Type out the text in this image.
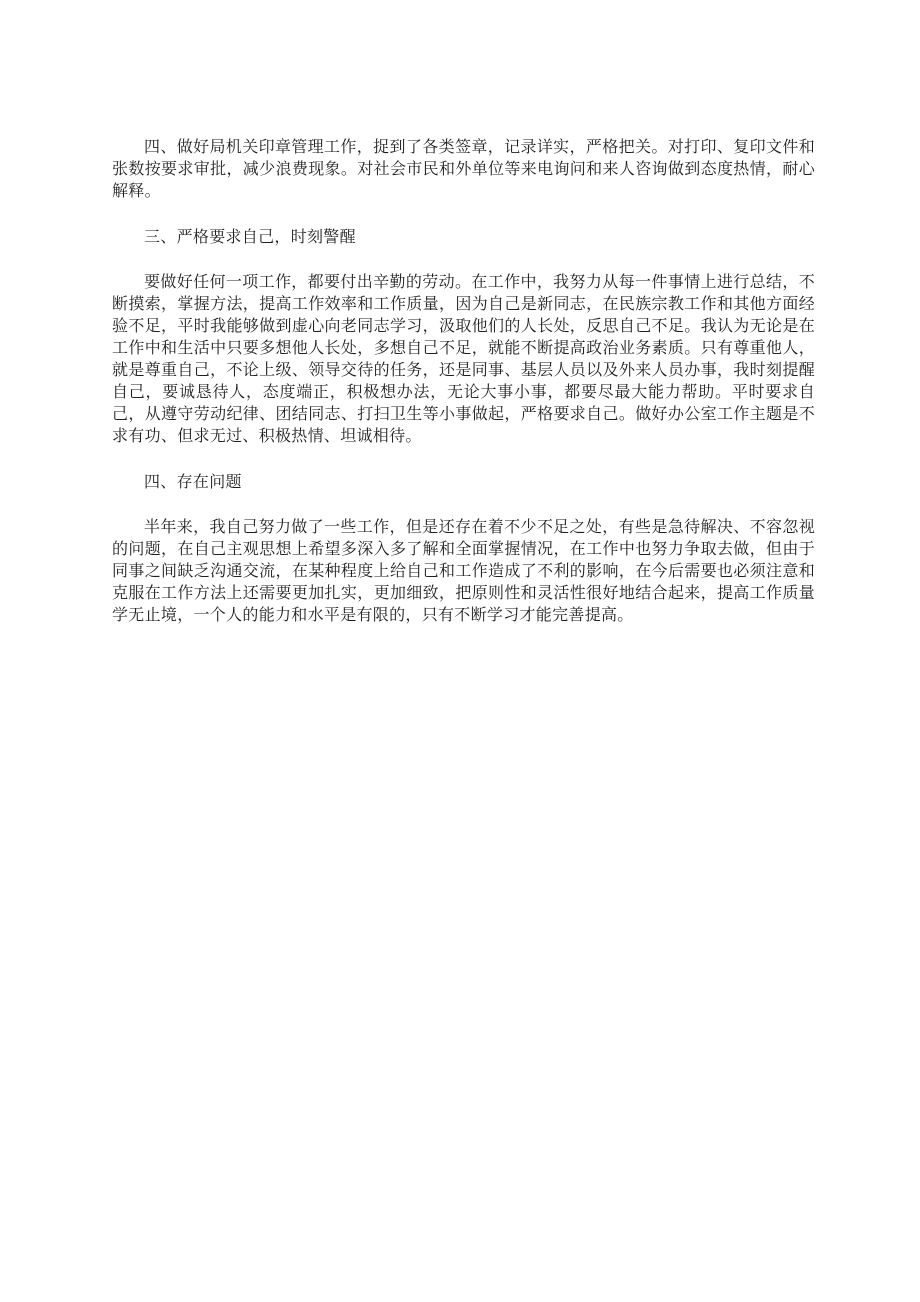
四、做好局机关印章管理工作，捉到了各类签章，记录详实，严格把关。对打印、复印文件和张数按要求审批，减少浪费现象。对社会市民和外单位等来电询问和来人咨询做到态度热情，耐心解释。

三、严格要求自己，时刻警醒

要做好任何一项工作，都要付出辛勤的劳动。在工作中，我努力从每一件事情上进行总结，不断摸索，掌握方法，提高工作效率和工作质量，因为自己是新同志，在民族宗教工作和其他方面经验不足，平时我能够做到虚心向老同志学习，汲取他们的人长处，反思自己不足。我认为无论是在工作中和生活中只要多想他人长处，多想自己不足，就能不断提高政治业务素质。只有尊重他人，就是尊重自己，不论上级、领导交待的任务，还是同事、基层人员以及外来人员办事，我时刻提醒自己，要诚恳待人，态度端正，积极想办法，无论大事小事，都要尽最大能力帮助。平时要求自己，从遵守劳动纪律、团结同志、打扫卫生等小事做起，严格要求自己。做好办公室工作主题是不求有功、但求无过、积极热情、坦诚相待。

四、存在问题

半年来，我自己努力做了一些工作，但是还存在着不少不足之处，有些是急待解决、不容忽视的问题，在自己主观思想上希望多深入多了解和全面掌握情况，在工作中也努力争取去做，但由于同事之间缺乏沟通交流，在某种程度上给自己和工作造成了不利的影响，在今后需要也必须注意和克服在工作方法上还需要更加扎实，更加细致，把原则性和灵活性很好地结合起来，提高工作质量学无止境，一个人的能力和水平是有限的，只有不断学习才能完善提高。
